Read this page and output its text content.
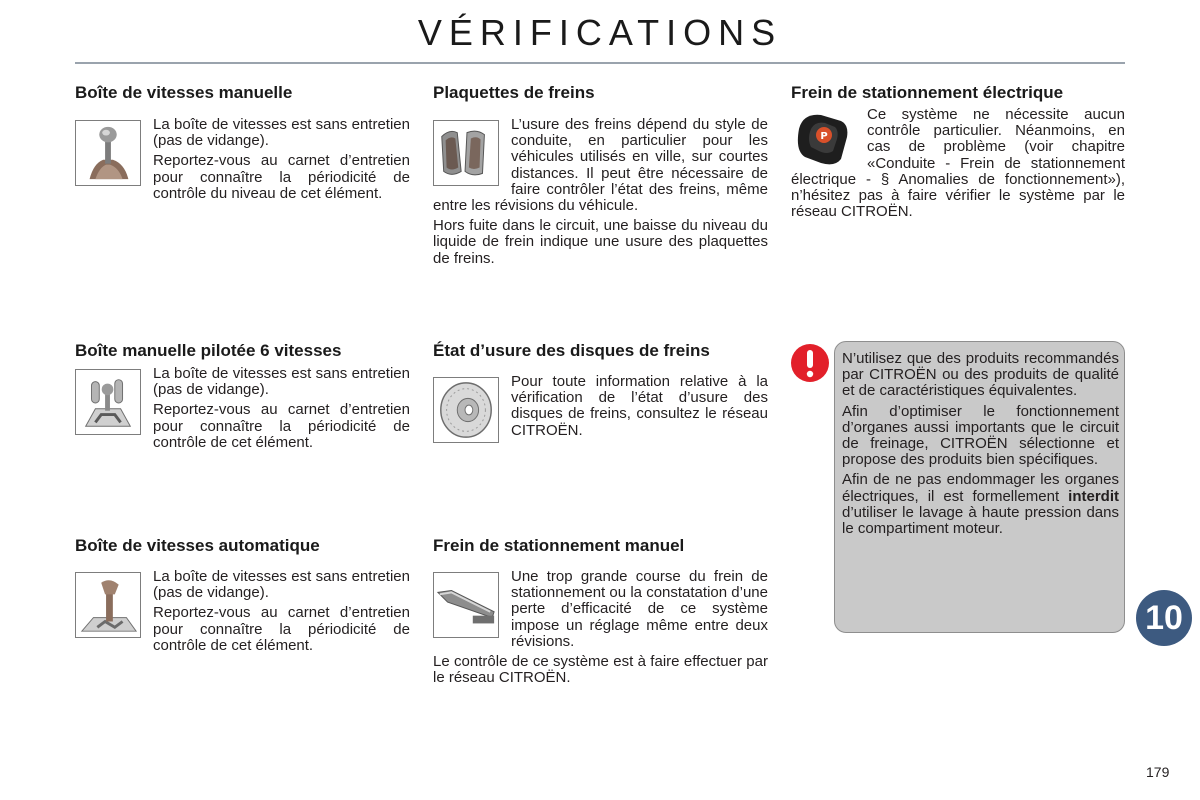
VÉRIFICATIONS
Boîte de vitesses manuelle

La boîte de vitesses est sans entretien (pas de vidange).

Reportez-vous au carnet d’entretien pour connaître la périodicité de contrôle du niveau de cet élément.

Boîte manuelle pilotée 6 vitesses

La boîte de vitesses est sans entretien (pas de vidange).

Reportez-vous au carnet d’entretien pour connaître la périodicité de contrôle de cet élément.

Boîte de vitesses automatique

La boîte de vitesses est sans entretien (pas de vidange).

Reportez-vous au carnet d’entretien pour connaître la périodicité de contrôle de cet élément.

Plaquettes de freins

L’usure des freins dépend du style de conduite, en particulier pour les véhicules utilisés en ville, sur courtes distances. Il peut être nécessaire de faire contrôler l’état des freins, même entre les révisions du véhicule.

Hors fuite dans le circuit, une baisse du niveau du liquide de frein indique une usure des plaquettes de freins.

État d’usure des disques de freins

Pour toute information relative à la vérification de l’état d’usure des disques de freins, consultez le réseau CITROËN.

Frein de stationnement manuel

Une trop grande course du frein de stationnement ou la constatation d’une perte d’efficacité de ce système impose un réglage même entre deux révisions.

Le contrôle de ce système est à faire effectuer par le réseau CITROËN.

Frein de stationnement électrique
P

Ce système ne nécessite aucun contrôle particulier. Néanmoins, en cas de problème (voir chapitre «Conduite - Frein de stationnement électrique - § Anomalies de fonctionnement»), n’hésitez pas à faire vérifier le système par le réseau CITROËN.

N’utilisez que des produits recommandés par CITROËN ou des produits de qualité et de caractéristiques équivalentes.

Afin d’optimiser le fonctionnement d’organes aussi importants que le circuit de freinage, CITROËN sélectionne et propose des produits bien spécifiques.

Afin de ne pas endommager les organes électriques, il est formellement interdit d’utiliser le lavage à haute pression dans le compartiment moteur.

10
179
